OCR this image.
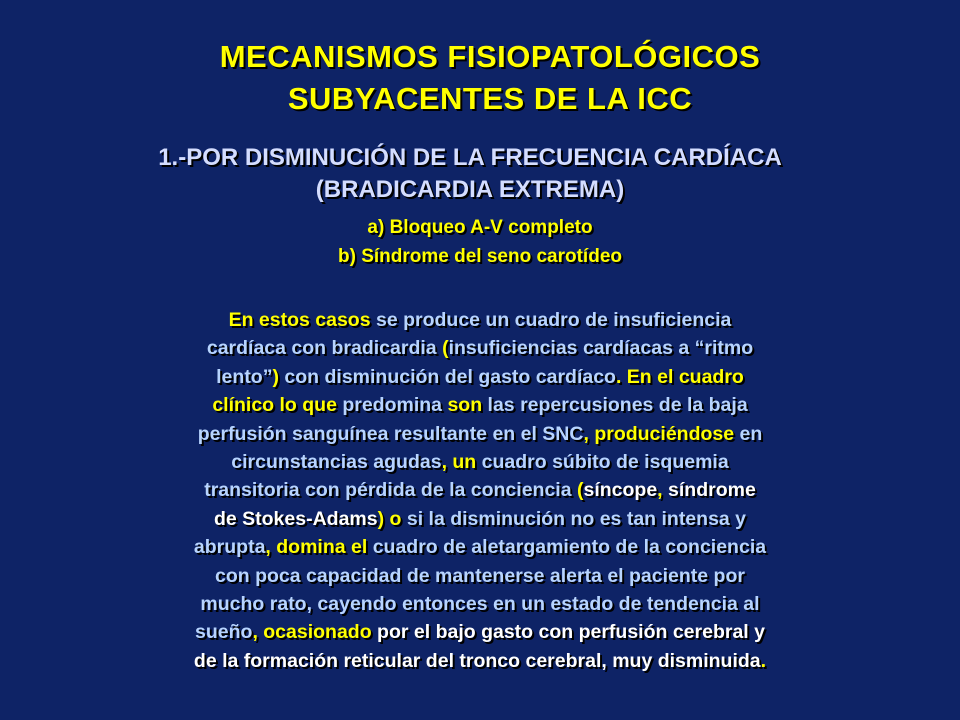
MECANISMOS FISIOPATOLÓGICOS
SUBYACENTES DE LA ICC
1.-POR DISMINUCIÓN DE LA FRECUENCIA CARDÍACA
(BRADICARDIA EXTREMA)
a) Bloqueo A-V completo
b) Síndrome del seno carotídeo

En estos casos se produce un cuadro de insuficiencia
cardíaca con bradicardia (insuficiencias cardíacas a “ritmo
lento”) con disminución del gasto cardíaco. En el cuadro
clínico lo que predomina son las repercusiones de la baja
perfusión sanguínea resultante en el SNC, produciéndose en
circunstancias agudas, un cuadro súbito de isquemia
transitoria con pérdida de la conciencia (síncope, síndrome
de Stokes-Adams) o si la disminución no es tan intensa y
abrupta, domina el cuadro de aletargamiento de la conciencia
con poca capacidad de mantenerse alerta el paciente por
mucho rato, cayendo entonces en un estado de tendencia al
sueño, ocasionado por el bajo gasto con perfusión cerebral y
de la formación reticular del tronco cerebral, muy disminuida.
